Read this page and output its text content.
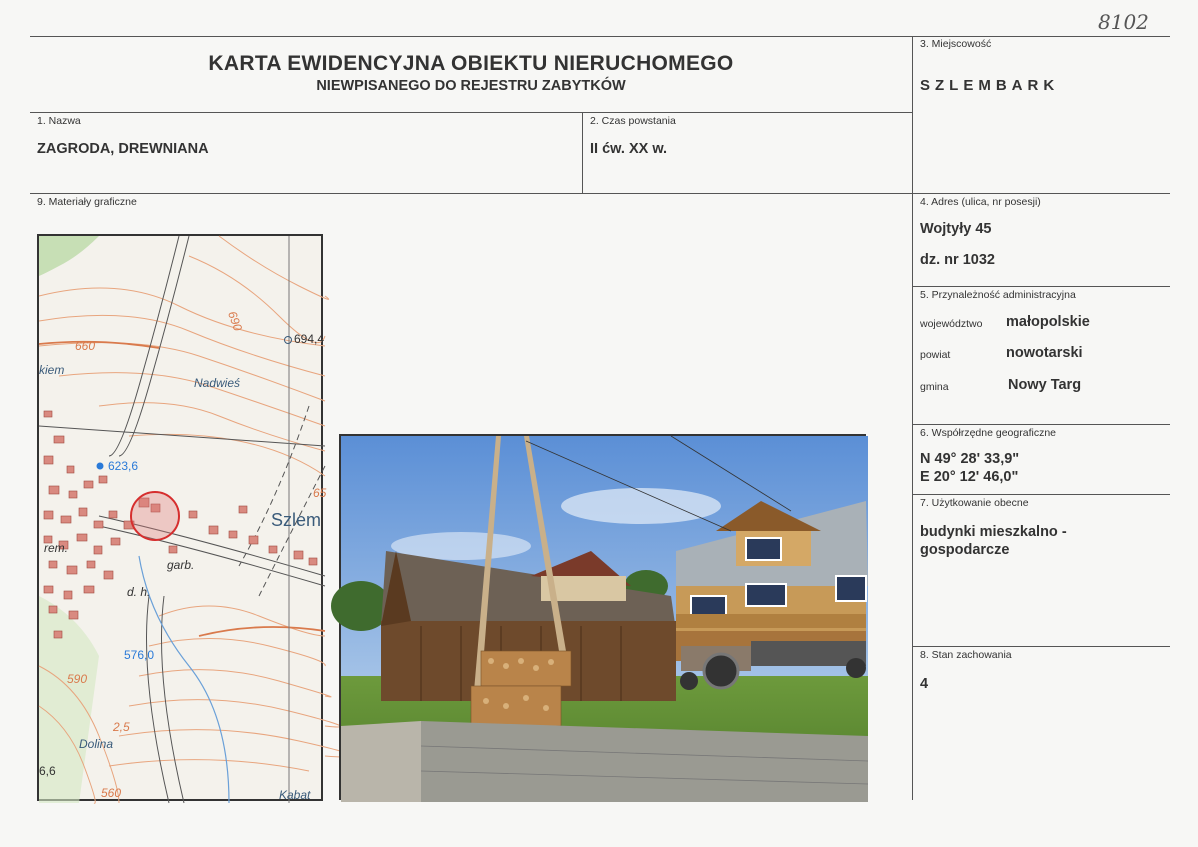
8102
KARTA EWIDENCYJNA OBIEKTU NIERUCHOMEGO
NIEWPISANEGO DO REJESTRU ZABYTKÓW
3. Miejscowość
SZLEMBARK
1. Nazwa
ZAGRODA, DREWNIANA
2. Czas powstania
II ćw. XX w.
9. Materiały graficzne	4. Adres (ulica, nr posesji)
Wojtyły 45
dz. nr 1032
5. Przynależność administracyjna
województwo małopolskie
powiat	nowotarski
gmina	Nowy Targ
6. Współrzędne geograficzne
N 49° 28' 33,9"
E 20° 12' 46,0"
7. Użytkowanie obecne
budynki mieszkalno -
gospodarcze
8. Stan zachowania
4
694,4
690
660
Nadwieś
kiem
623,6
Szlem
65
rem.
garb.
d. h.
576,0
590
2,5
Dolina
6,6
560	Kabat
